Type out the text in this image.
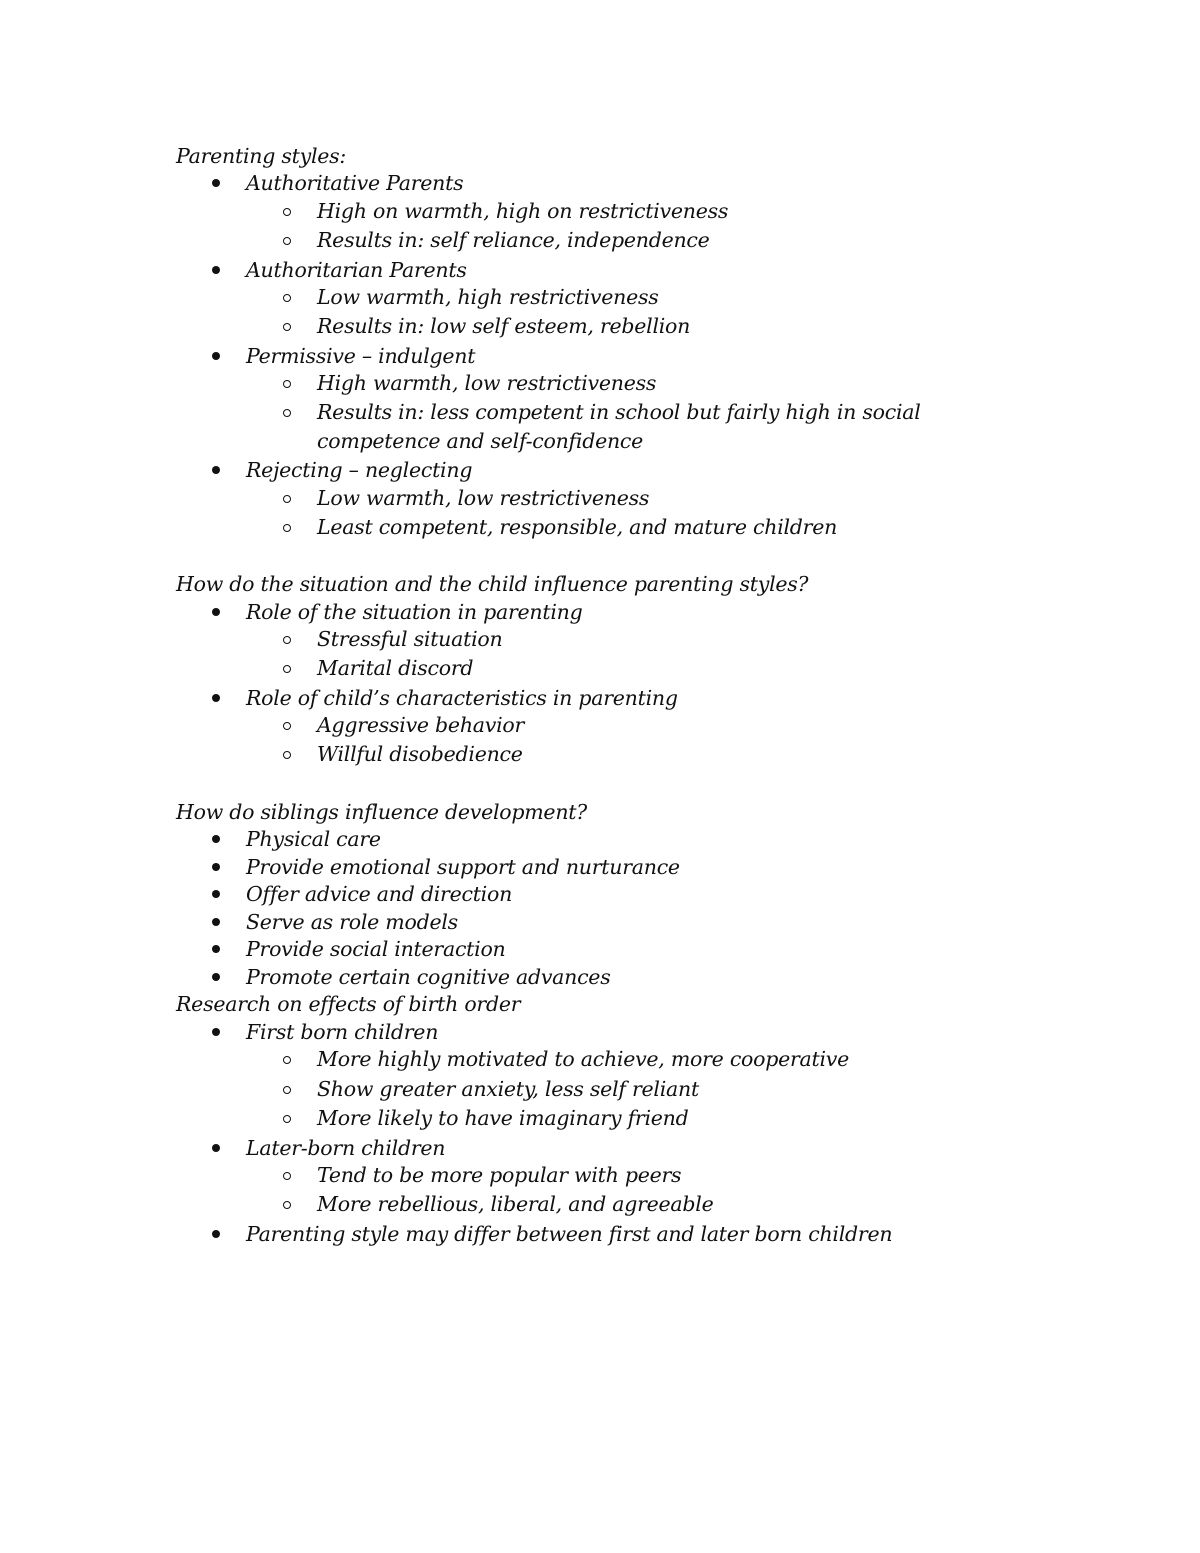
Parenting styles:
Authoritative Parents
High on warmth, high on restrictiveness
Results in: self reliance, independence
Authoritarian Parents
Low warmth, high restrictiveness
Results in: low self esteem, rebellion
Permissive – indulgent
High warmth, low restrictiveness
Results in: less competent in school but fairly high in social competence and self-confidence
Rejecting – neglecting
Low warmth, low restrictiveness
Least competent, responsible, and mature children
How do the situation and the child influence parenting styles?
Role of the situation in parenting
Stressful situation
Marital discord
Role of child’s characteristics in parenting
Aggressive behavior
Willful disobedience
How do siblings influence development?
Physical care
Provide emotional support and nurturance
Offer advice and direction
Serve as role models
Provide social interaction
Promote certain cognitive advances
Research on effects of birth order
First born children
More highly motivated to achieve, more cooperative
Show greater anxiety, less self reliant
More likely to have imaginary friend
Later-born children
Tend to be more popular with peers
More rebellious, liberal, and agreeable
Parenting style may differ between first and later born children
